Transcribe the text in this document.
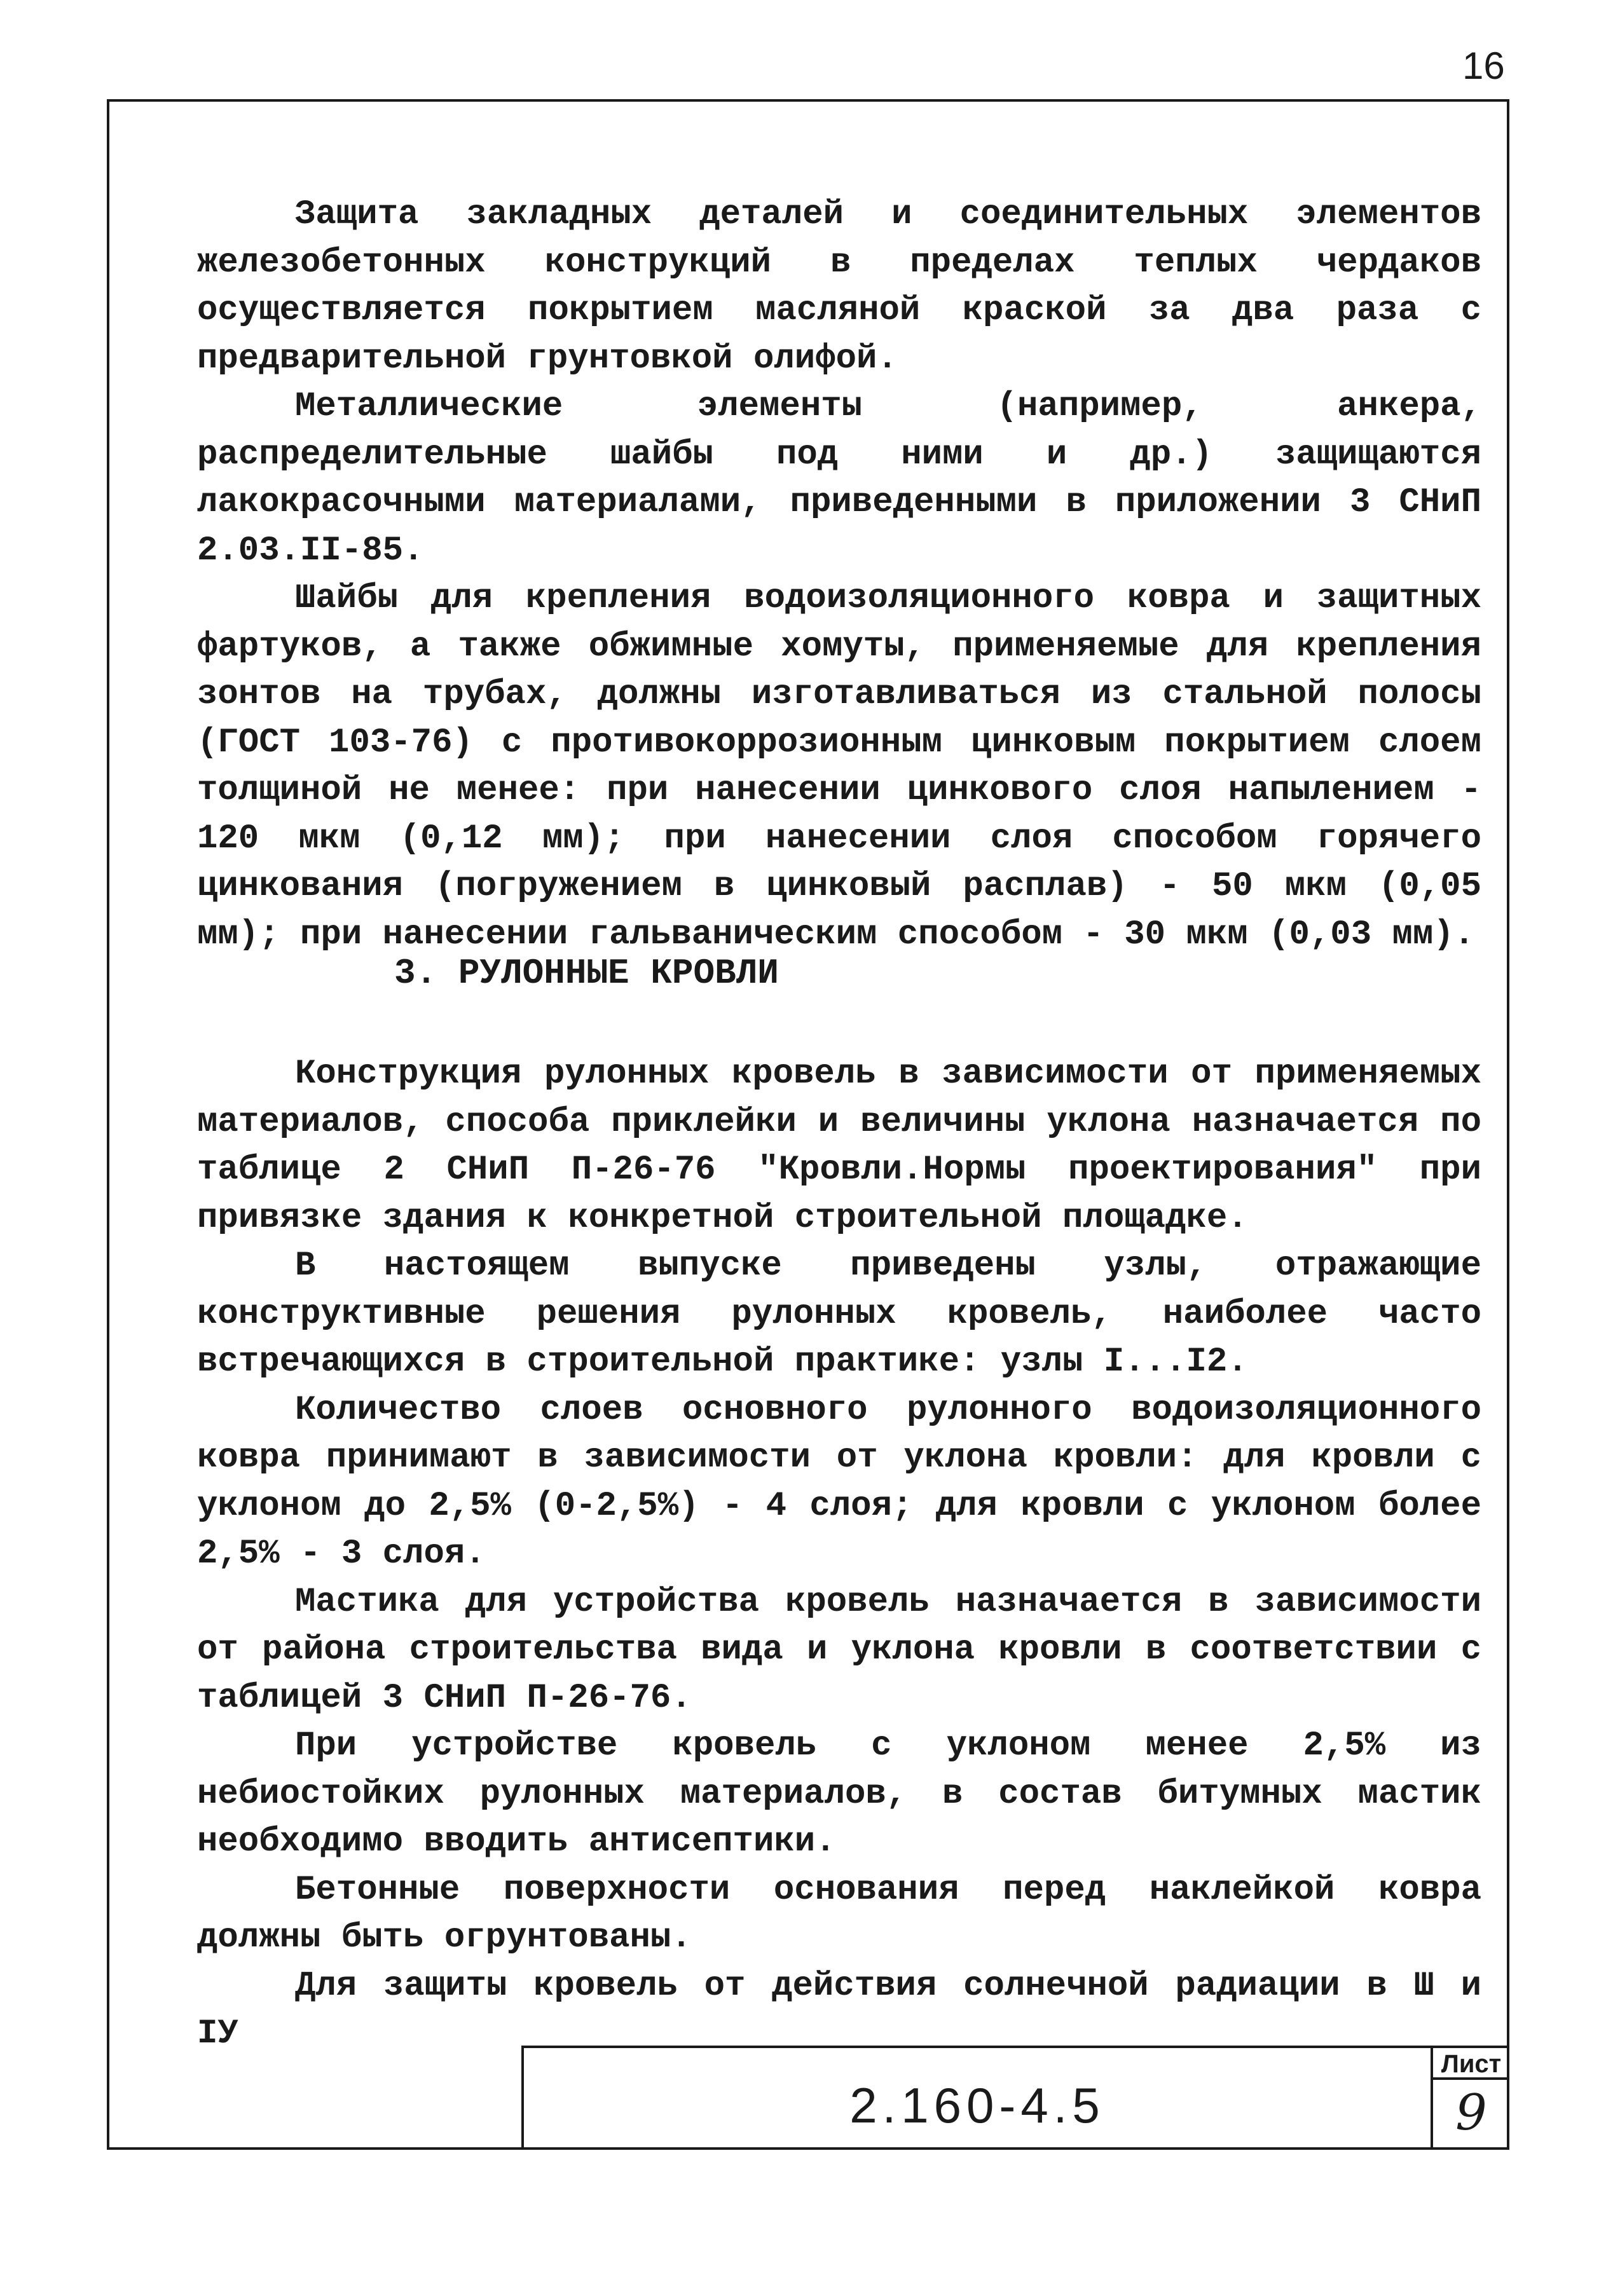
16

Защита закладных деталей и соединительных элементов железобетонных конструкций в пределах теплых чердаков осуществляется покрытием масляной краской за два раза с предварительной грунтовкой олифой.

Металлические элементы (например, анкера, распределительные шайбы под ними и др.) защищаются лакокрасочными материалами, приведенными в приложении 3 СНиП 2.03.II-85.

Шайбы для крепления водоизоляционного ковра и защитных фартуков, а также обжимные хомуты, применяемые для крепления зонтов на трубах, должны изготавливаться из стальной полосы (ГОСТ 103-76) с противокоррозионным цинковым покрытием слоем толщиной не менее: при нанесении цинкового слоя напылением - 120 мкм (0,12 мм); при нанесении слоя способом горячего цинкования (погружением в цинковый расплав) - 50 мкм (0,05 мм); при нанесении гальваническим способом - 30 мкм (0,03 мм).

3. РУЛОННЫЕ КРОВЛИ

Конструкция рулонных кровель в зависимости от применяемых материалов, способа приклейки и величины уклона назначается по таблице 2 СНиП П-26-76 "Кровли.Нормы проектирования" при привязке здания к конкретной строительной площадке.

В настоящем выпуске приведены узлы, отражающие конструктивные решения рулонных кровель, наиболее часто встречающихся в строительной практике: узлы I...I2.

Количество слоев основного рулонного водоизоляционного ковра принимают в зависимости от уклона кровли: для кровли с уклоном до 2,5% (0-2,5%) - 4 слоя; для кровли с уклоном более 2,5% - 3 слоя.

Мастика для устройства кровель назначается в зависимости от района строительства вида и уклона кровли в соответствии с таблицей 3 СНиП П-26-76.

При устройстве кровель с уклоном менее 2,5% из небиостойких рулонных материалов, в состав битумных мастик необходимо вводить антисептики.

Бетонные поверхности основания перед наклейкой ковра должны быть огрунтованы.

Для защиты кровель от действия солнечной радиации в Ш и IУ

2.160-4.5
Лист
9
